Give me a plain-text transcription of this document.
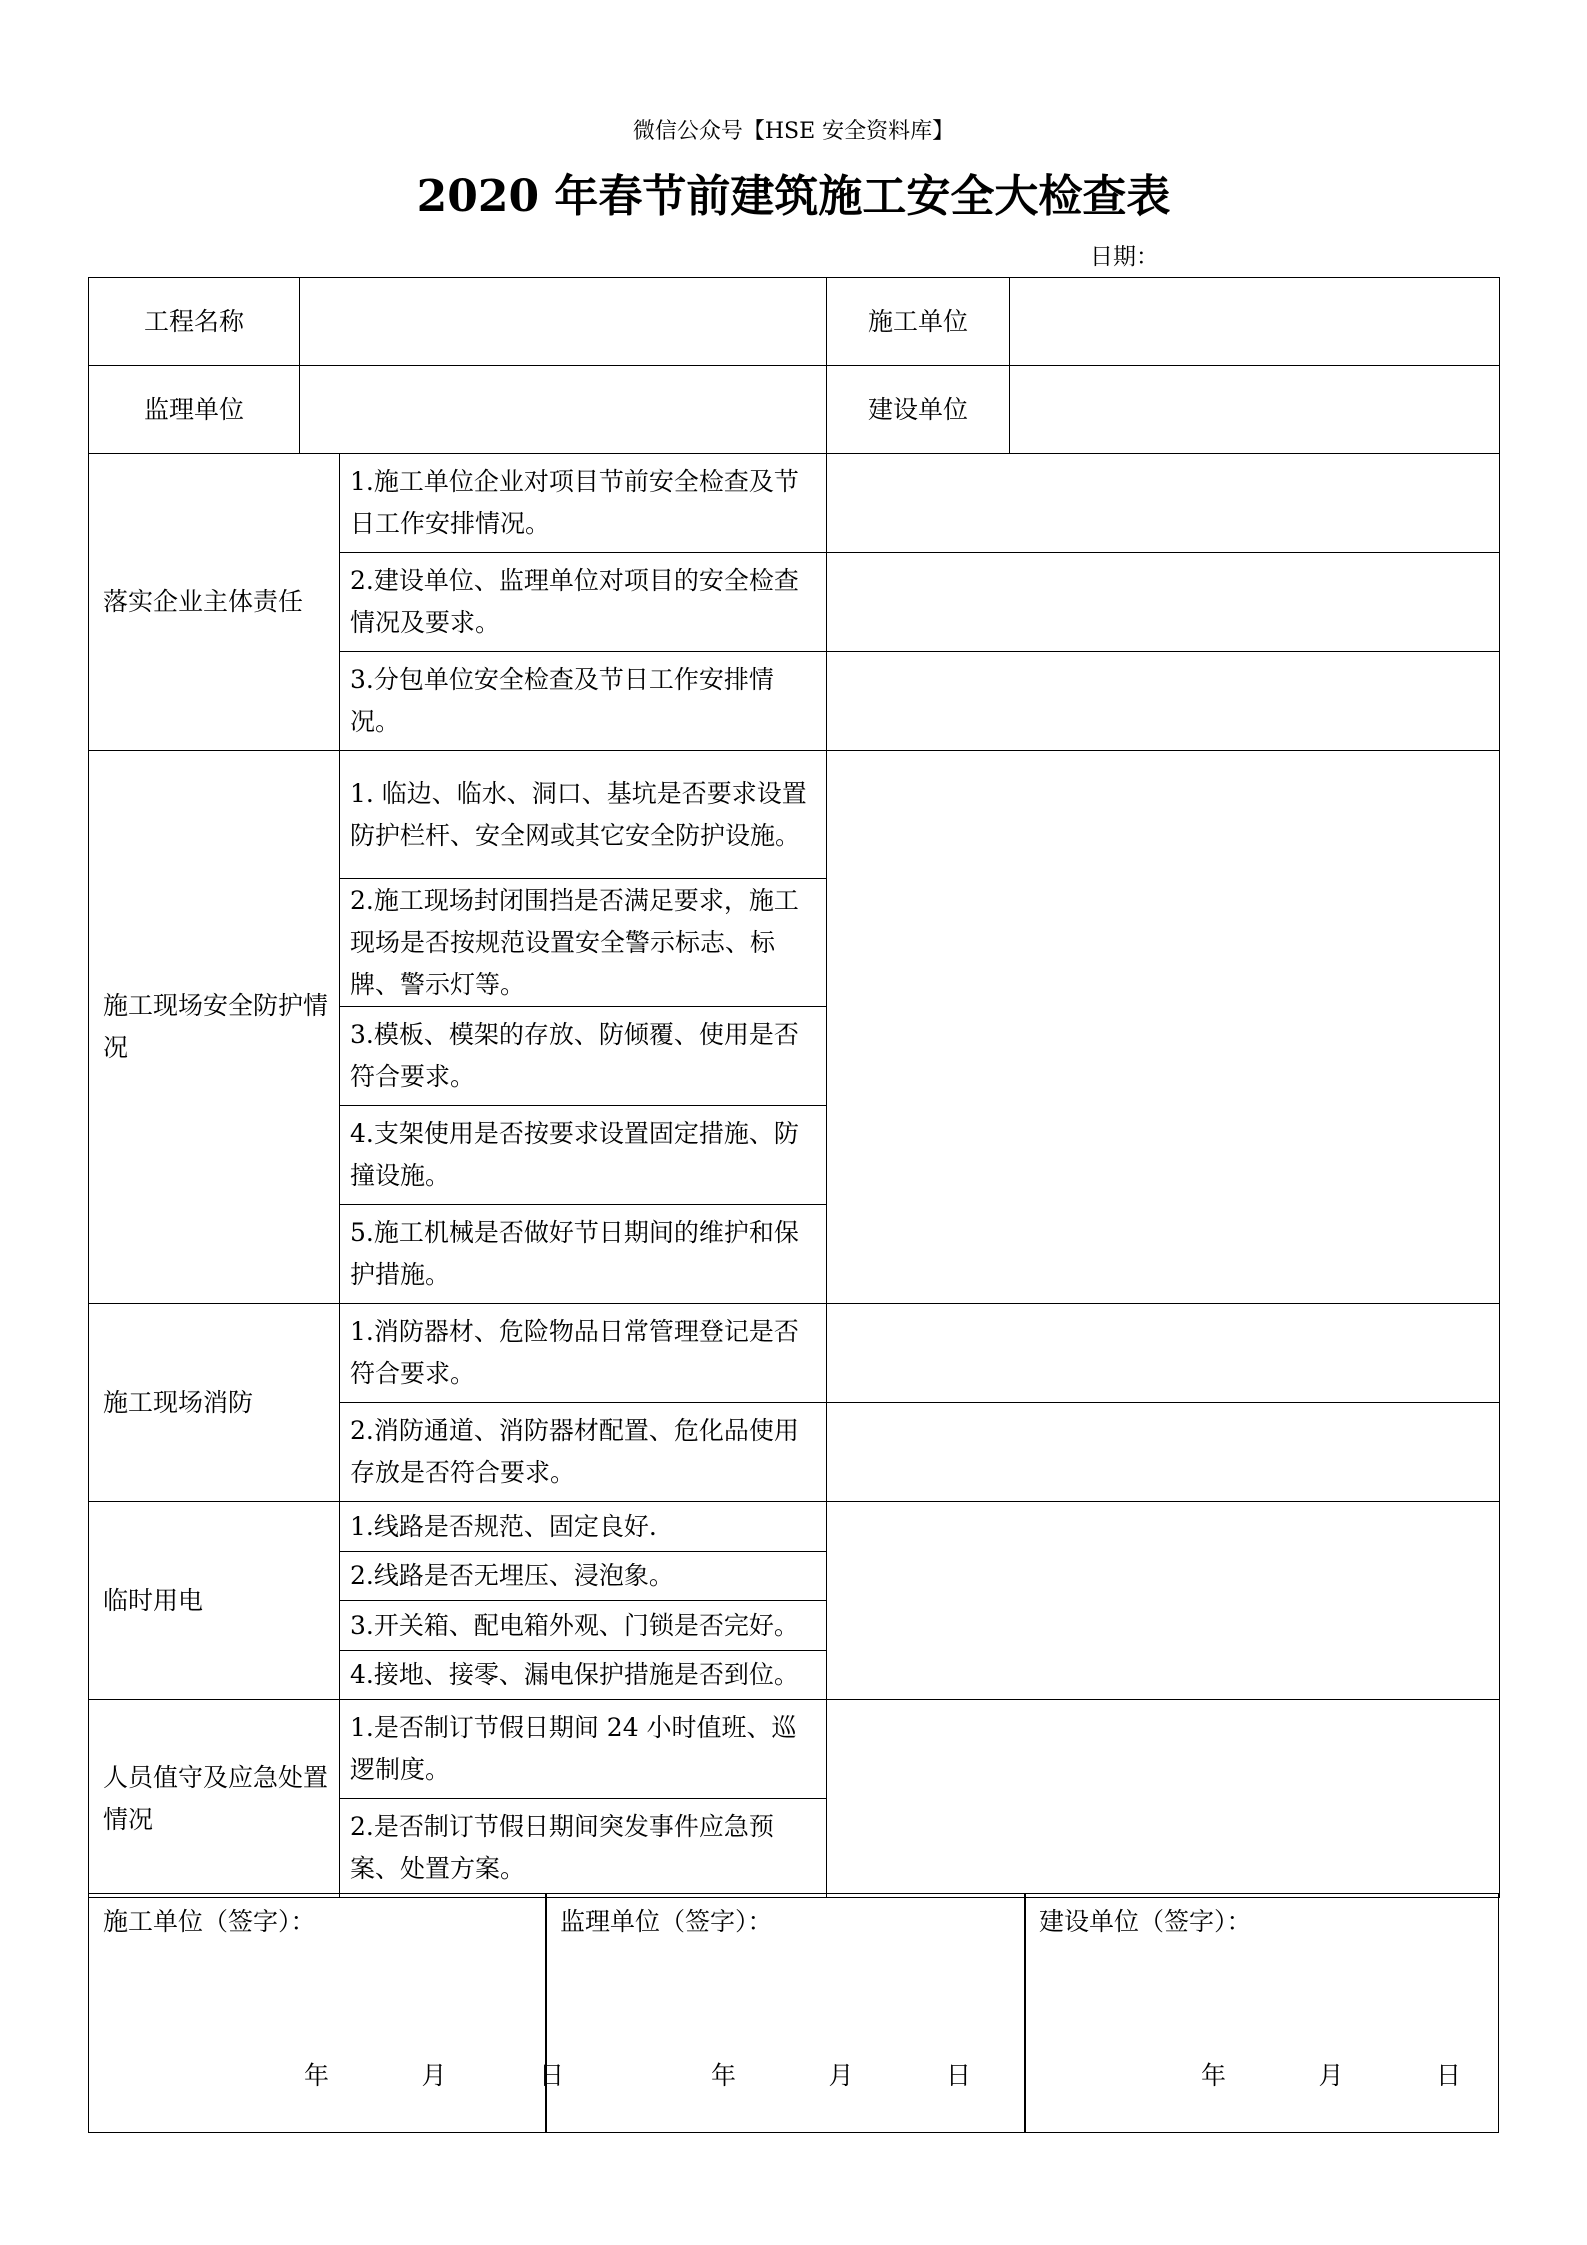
微信公众号【HSE 安全资料库】
2020 年春节前建筑施工安全大检查表
日期：
工程名称			施工单位	
监理单位			建设单位	
落实企业主体责任		1.施工单位企业对项目节前安全检查及节日工作安排情况。		
		2.建设单位、监理单位对项目的安全检查情况及要求。		
		3.分包单位安全检查及节日工作安排情况。		
施工现场安全防护情况		1. 临边、临水、洞口、基坑是否要求设置防护栏杆、安全网或其它安全防护设施。		
		2.施工现场封闭围挡是否满足要求，施工现场是否按规范设置安全警示标志、标牌、警示灯等。		
		3.模板、模架的存放、防倾覆、使用是否符合要求。		
		4.支架使用是否按要求设置固定措施、防撞设施。		
		5.施工机械是否做好节日期间的维护和保护措施。		
施工现场消防		1.消防器材、危险物品日常管理登记是否符合要求。		
		2.消防通道、消防器材配置、危化品使用存放是否符合要求。		
临时用电		1.线路是否规范、固定良好.		
		2.线路是否无埋压、浸泡象。		
		3.开关箱、配电箱外观、门锁是否完好。		
		4.接地、接零、漏电保护措施是否到位。		
人员值守及应急处置情况		1.是否制订节假日期间 24 小时值班、巡逻制度。		
		2.是否制订节假日期间突发事件应急预案、处置方案。		
施工单位（签字）：
年	月	日
监理单位（签字）：
年	月	日
建设单位（签字）：
年	月	日
